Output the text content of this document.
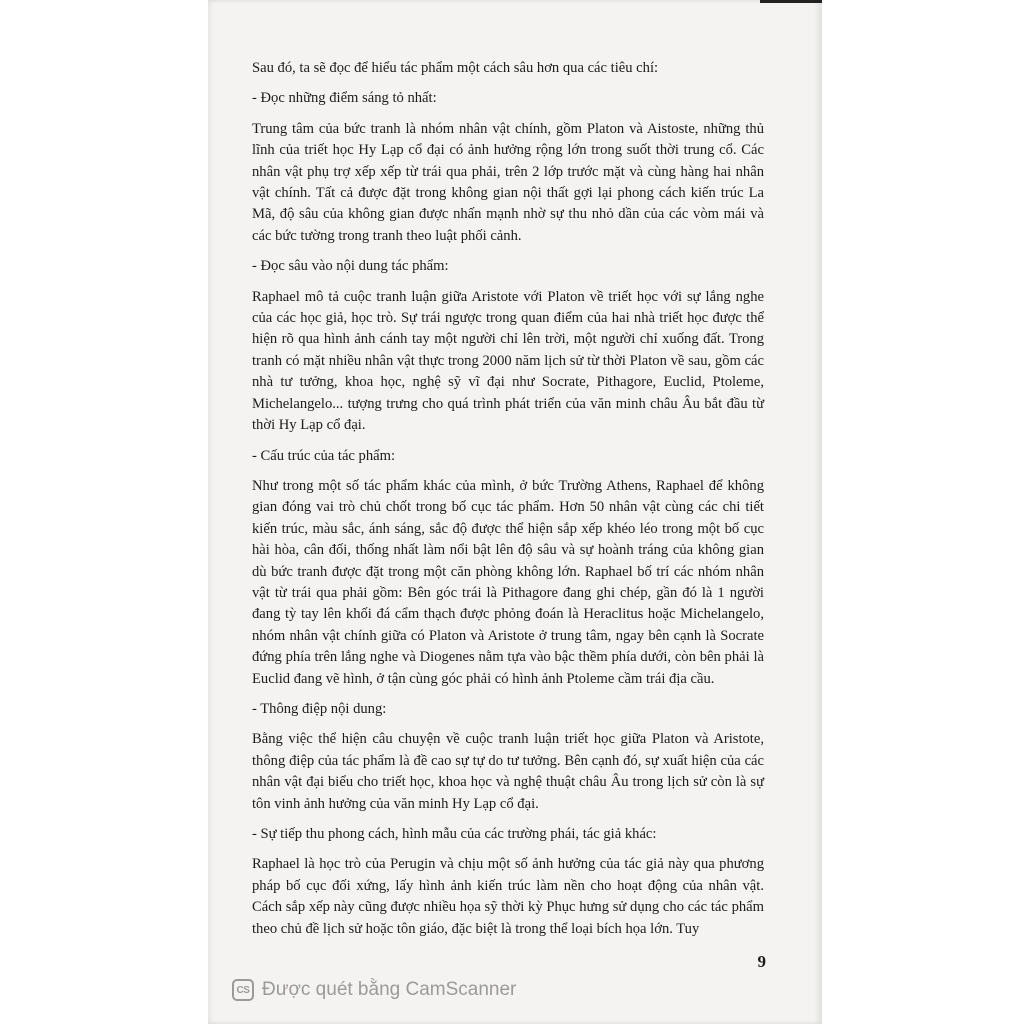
Sau đó, ta sẽ đọc để hiểu tác phẩm một cách sâu hơn qua các tiêu chí:

- Đọc những điểm sáng tỏ nhất:

Trung tâm của bức tranh là nhóm nhân vật chính, gồm Platon và Aistoste, những thủ lĩnh của triết học Hy Lạp cổ đại có ảnh hưởng rộng lớn trong suốt thời trung cổ. Các nhân vật phụ trợ xếp xếp từ trái qua phải, trên 2 lớp trước mặt và cùng hàng hai nhân vật chính. Tất cả được đặt trong không gian nội thất gợi lại phong cách kiến trúc La Mã, độ sâu của không gian được nhấn mạnh nhờ sự thu nhỏ dần của các vòm mái và các bức tường trong tranh theo luật phối cảnh.

- Đọc sâu vào nội dung tác phẩm:

Raphael mô tả cuộc tranh luận giữa Aristote với Platon về triết học với sự lắng nghe của các học giả, học trò. Sự trái ngược trong quan điểm của hai nhà triết học được thể hiện rõ qua hình ảnh cánh tay một người chỉ lên trời, một người chỉ xuống đất. Trong tranh có mặt nhiều nhân vật thực trong 2000 năm lịch sử từ thời Platon về sau, gồm các nhà tư tưởng, khoa học, nghệ sỹ vĩ đại như Socrate, Pithagore, Euclid, Ptoleme, Michelangelo... tượng trưng cho quá trình phát triển của văn minh châu Âu bắt đầu từ thời Hy Lạp cổ đại.

- Cấu trúc của tác phẩm:

Như trong một số tác phẩm khác của mình, ở bức Trường Athens, Raphael để không gian đóng vai trò chủ chốt trong bố cục tác phẩm. Hơn 50 nhân vật cùng các chi tiết kiến trúc, màu sắc, ánh sáng, sắc độ được thể hiện sắp xếp khéo léo trong một bố cục hài hòa, cân đối, thống nhất làm nổi bật lên độ sâu và sự hoành tráng của không gian dù bức tranh được đặt trong một căn phòng không lớn. Raphael bố trí các nhóm nhân vật từ trái qua phải gồm: Bên góc trái là Pithagore đang ghi chép, gần đó là 1 người đang tỳ tay lên khối đá cẩm thạch được phỏng đoán là Heraclitus hoặc Michelangelo, nhóm nhân vật chính giữa có Platon và Aristote ở trung tâm, ngay bên cạnh là Socrate đứng phía trên lắng nghe và Diogenes nằm tựa vào bậc thềm phía dưới, còn bên phải là Euclid đang vẽ hình, ở tận cùng góc phải có hình ảnh Ptoleme cầm trái địa cầu.

- Thông điệp nội dung:

Bằng việc thể hiện câu chuyện về cuộc tranh luận triết học giữa Platon và Aristote, thông điệp của tác phẩm là đề cao sự tự do tư tưởng. Bên cạnh đó, sự xuất hiện của các nhân vật đại biểu cho triết học, khoa học và nghệ thuật châu Âu trong lịch sử còn là sự tôn vinh ảnh hưởng của văn minh Hy Lạp cổ đại.

- Sự tiếp thu phong cách, hình mẫu của các trường phái, tác giả khác:

Raphael là học trò của Perugin và chịu một số ảnh hưởng của tác giả này qua phương pháp bố cục đối xứng, lấy hình ảnh kiến trúc làm nền cho hoạt động của nhân vật. Cách sắp xếp này cũng được nhiều họa sỹ thời kỳ Phục hưng sử dụng cho các tác phẩm theo chủ đề lịch sử hoặc tôn giáo, đặc biệt là trong thể loại bích họa lớn. Tuy

9
CS Được quét bằng CamScanner
